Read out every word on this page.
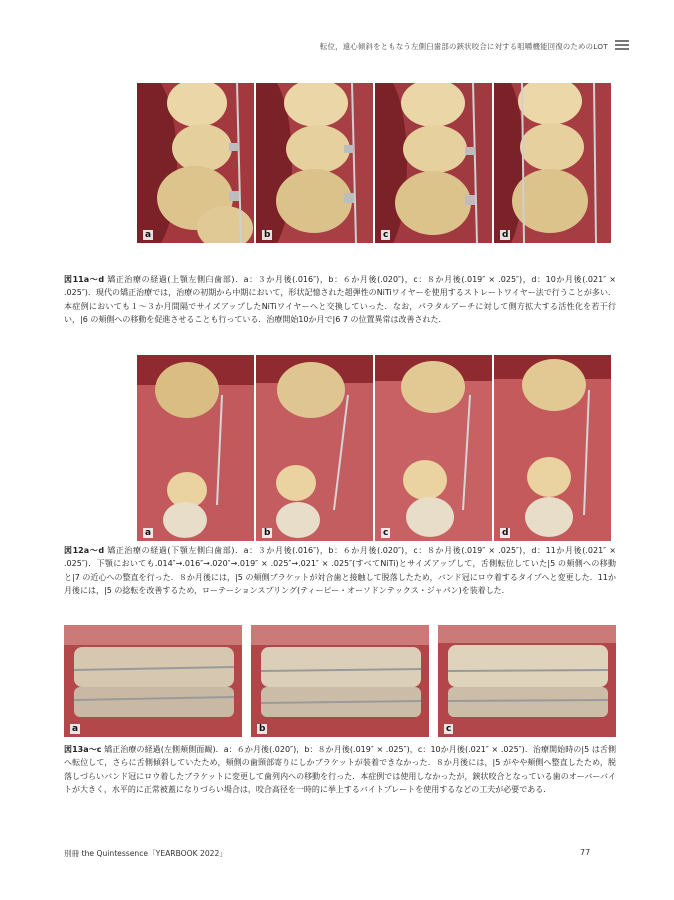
転位，遠心傾斜をともなう左側臼歯部の鋏状咬合に対する咀嚼機能回復のためのLOT
a	b	c	d
図11a〜d 矯正治療の経過(上顎左側臼歯部)．a：３か月後(.016″)，b：６か月後(.020″)，c：８か月後(.019″ × .025″)，d：10か月後(.021″ × .025″)．現代の矯正治療では，治療の初期から中期において，形状記憶された超弾性のNiTiワイヤーを使用するストレートワイヤー法で行うことが多い．本症例においても１〜３か月間隔でサイズアップしたNiTiワイヤーへと交換していった．なお，パラタルアーチに対して側方拡大する活性化を若干行い，|6 の頬側への移動を促進させることも行っている．治療開始10か月で|6 7 の位置異常は改善された．
a	b	c	d
図12a〜d 矯正治療の経過(下顎左側臼歯部)．a：３か月後(.016″)，b：６か月後(.020″)，c：８か月後(.019″ × .025″)，d：11か月後(.021″ × .025″)．下顎においても.014″→.016″→.020″→.019″ × .025″→.021″ × .025″(すべてNiTi)とサイズアップして，舌側転位していた|5 の頬側への移動と|7 の近心への整直を行った．８か月後には，|5 の頬側ブラケットが対合歯と接触して脱落したため，バンド冠にロウ着するタイプへと変更した．11か月後には，|5 の捻転を改善するため，ローテーションスプリング(ティーピー・オーソドンテックス・ジャパン)を装着した．
a	b	c
図13a〜c 矯正治療の経過(左側頬側面観)．a：６か月後(.020″)，b：８か月後(.019″ × .025″)，c：10か月後(.021″ × .025″)．治療開始時の|5 は舌側へ転位して，さらに舌側傾斜していたため，頬側の歯頸部寄りにしかブラケットが装着できなかった．８か月後には，|5 がやや頬側へ整直したため，脱落しづらいバンド冠にロウ着したブラケットに変更して歯列内への移動を行った．本症例では使用しなかったが，鋏状咬合となっている歯のオーバーバイトが大きく，水平的に正常被蓋になりづらい場合は，咬合高径を一時的に挙上するバイトプレートを使用するなどの工夫が必要である．
別冊 the Quintessence「YEARBOOK 2022」	77
